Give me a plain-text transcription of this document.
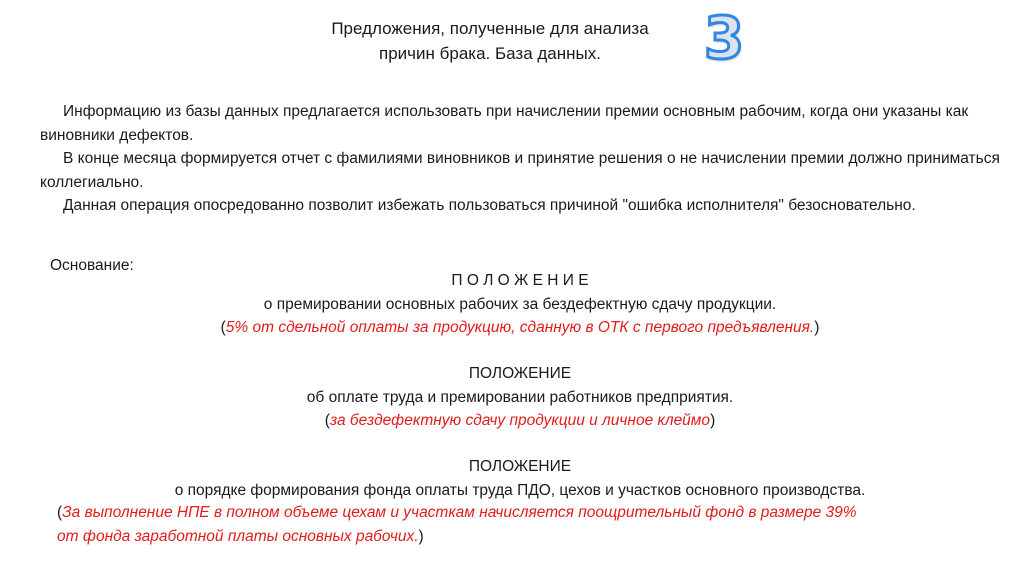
Предложения, полученные для анализа
причин брака. База данных.	3

Информацию из базы данных предлагается использовать при начислении премии основным рабочим, когда они указаны как виновники дефектов.

В конце месяца формируется отчет с фамилиями виновников и принятие решения о не начислении премии должно приниматься коллегиально.

Данная операция опосредованно позволит избежать пользоваться причиной "ошибка исполнителя" безосновательно.

Основание:
П О Л О Ж Е Н И Е
о премировании основных рабочих за бездефектную сдачу продукции.
(5% от сдельной оплаты за продукцию, сданную в ОТК с первого предъявления.)
ПОЛОЖЕНИЕ
об оплате труда и премировании работников предприятия.
(за бездефектную сдачу продукции и личное клеймо)
ПОЛОЖЕНИЕ
о порядке формирования фонда оплаты труда ПДО, цехов и участков основного производства.
(За выполнение НПЕ в полном объеме цехам и участкам начисляется поощрительный фонд в размере 39%
от фонда заработной платы основных рабочих.)
